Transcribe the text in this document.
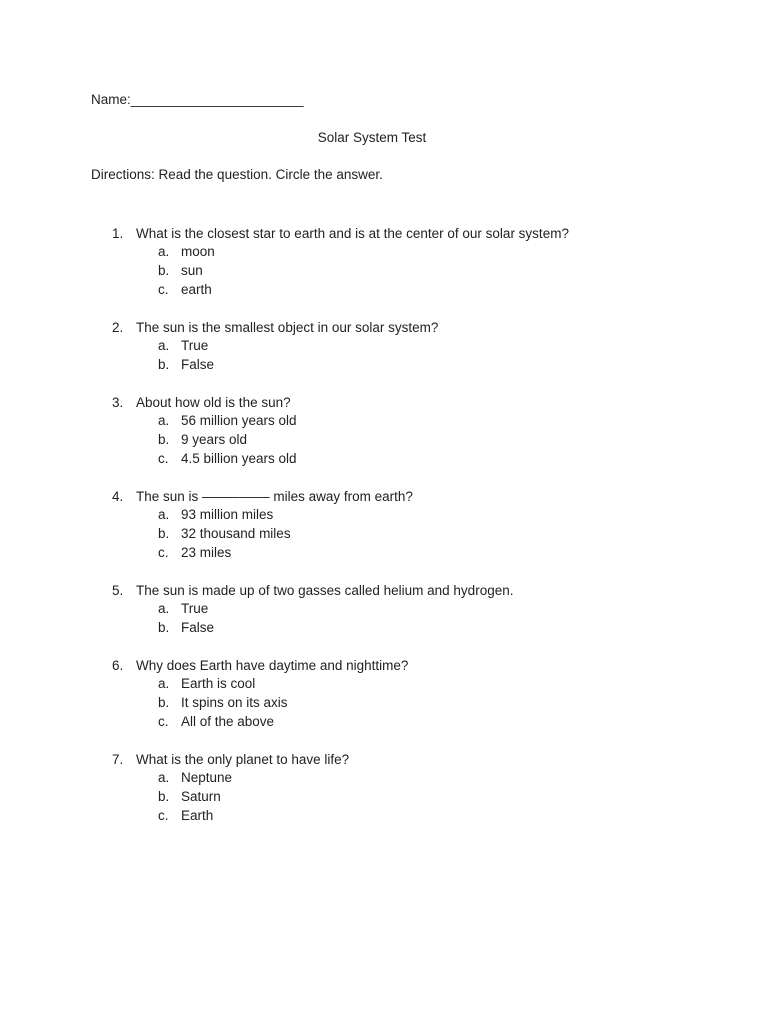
Name:_______________________
Solar System Test
Directions: Read the question. Circle the answer.
1. What is the closest star to earth and is at the center of our solar system?
a. moon
b. sun
c. earth
2. The sun is the smallest object in our solar system?
a. True
b. False
3. About how old is the sun?
a. 56 million years old
b. 9 years old
c. 4.5 billion years old
4. The sun is ––––––––– miles away from earth?
a. 93 million miles
b. 32 thousand miles
c. 23 miles
5. The sun is made up of two gasses called helium and hydrogen.
a. True
b. False
6. Why does Earth have daytime and nighttime?
a. Earth is cool
b. It spins on its axis
c. All of the above
7. What is the only planet to have life?
a. Neptune
b. Saturn
c. Earth
